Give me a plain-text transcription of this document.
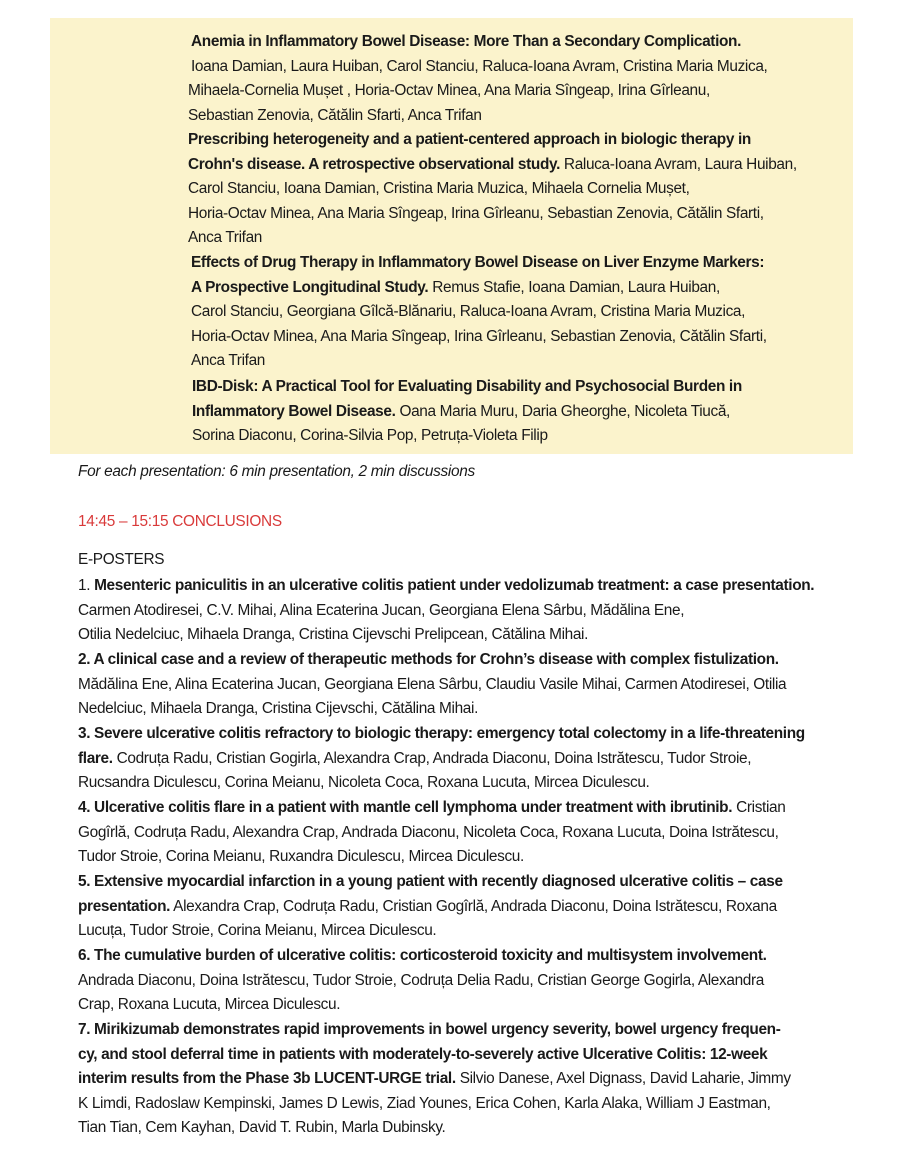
Anemia in Inflammatory Bowel Disease: More Than a Secondary Complication.
Ioana Damian, Laura Huiban, Carol Stanciu, Raluca-Ioana Avram, Cristina Maria Muzica,
Mihaela-Cornelia Mușet , Horia-Octav Minea, Ana Maria Sîngeap, Irina Gîrleanu,
Sebastian Zenovia, Cătălin Sfarti, Anca Trifan
Prescribing heterogeneity and a patient-centered approach in biologic therapy in
Crohn's disease. A retrospective observational study. Raluca-Ioana Avram, Laura Huiban,
Carol Stanciu, Ioana Damian, Cristina Maria Muzica, Mihaela Cornelia Mușet,
Horia-Octav Minea, Ana Maria Sîngeap, Irina Gîrleanu, Sebastian Zenovia, Cătălin Sfarti,
Anca Trifan
Effects of Drug Therapy in Inflammatory Bowel Disease on Liver Enzyme Markers:
A Prospective Longitudinal Study. Remus Stafie, Ioana Damian, Laura Huiban,
Carol Stanciu, Georgiana Gîlcă-Blănariu, Raluca-Ioana Avram, Cristina Maria Muzica,
Horia-Octav Minea, Ana Maria Sîngeap, Irina Gîrleanu, Sebastian Zenovia, Cătălin Sfarti,
Anca Trifan
IBD-Disk: A Practical Tool for Evaluating Disability and Psychosocial Burden in
Inflammatory Bowel Disease. Oana Maria Muru, Daria Gheorghe, Nicoleta Tiucă,
Sorina Diaconu, Corina-Silvia Pop, Petruța-Violeta Filip
For each presentation: 6 min presentation, 2 min discussions
14:45 – 15:15 CONCLUSIONS
E-POSTERS
1. Mesenteric paniculitis in an ulcerative colitis patient under vedolizumab treatment: a case presentation.
Carmen Atodiresei, C.V. Mihai, Alina Ecaterina Jucan, Georgiana Elena Sârbu, Mădălina Ene,
Otilia Nedelciuc, Mihaela Dranga, Cristina Cijevschi Prelipcean, Cătălina Mihai.
2. A clinical case and a review of therapeutic methods for Crohn’s disease with complex fistulization.
Mădălina Ene, Alina Ecaterina Jucan, Georgiana Elena Sârbu, Claudiu Vasile Mihai, Carmen Atodiresei, Otilia
Nedelciuc, Mihaela Dranga, Cristina Cijevschi, Cătălina Mihai.
3. Severe ulcerative colitis refractory to biologic therapy: emergency total colectomy in a life-threatening
flare. Codruța Radu, Cristian Gogirla, Alexandra Crap, Andrada Diaconu, Doina Istrătescu, Tudor Stroie,
Rucsandra Diculescu, Corina Meianu, Nicoleta Coca, Roxana Lucuta, Mircea Diculescu.
4. Ulcerative colitis flare in a patient with mantle cell lymphoma under treatment with ibrutinib. Cristian
Gogîrlă, Codruța Radu, Alexandra Crap, Andrada Diaconu, Nicoleta Coca, Roxana Lucuta, Doina Istrătescu,
Tudor Stroie, Corina Meianu, Ruxandra Diculescu, Mircea Diculescu.
5. Extensive myocardial infarction in a young patient with recently diagnosed ulcerative colitis – case
presentation. Alexandra Crap, Codruța Radu, Cristian Gogîrlă, Andrada Diaconu, Doina Istrătescu, Roxana
Lucuța, Tudor Stroie, Corina Meianu, Mircea Diculescu.
6. The cumulative burden of ulcerative colitis: corticosteroid toxicity and multisystem involvement.
Andrada Diaconu, Doina Istrătescu, Tudor Stroie, Codruța Delia Radu, Cristian George Gogirla, Alexandra
Crap, Roxana Lucuta, Mircea Diculescu.
7. Mirikizumab demonstrates rapid improvements in bowel urgency severity, bowel urgency frequen-
cy, and stool deferral time in patients with moderately-to-severely active Ulcerative Colitis: 12-week
interim results from the Phase 3b LUCENT-URGE trial. Silvio Danese, Axel Dignass, David Laharie, Jimmy
K Limdi, Radoslaw Kempinski, James D Lewis, Ziad Younes, Erica Cohen, Karla Alaka, William J Eastman,
Tian Tian, Cem Kayhan, David T. Rubin, Marla Dubinsky.
